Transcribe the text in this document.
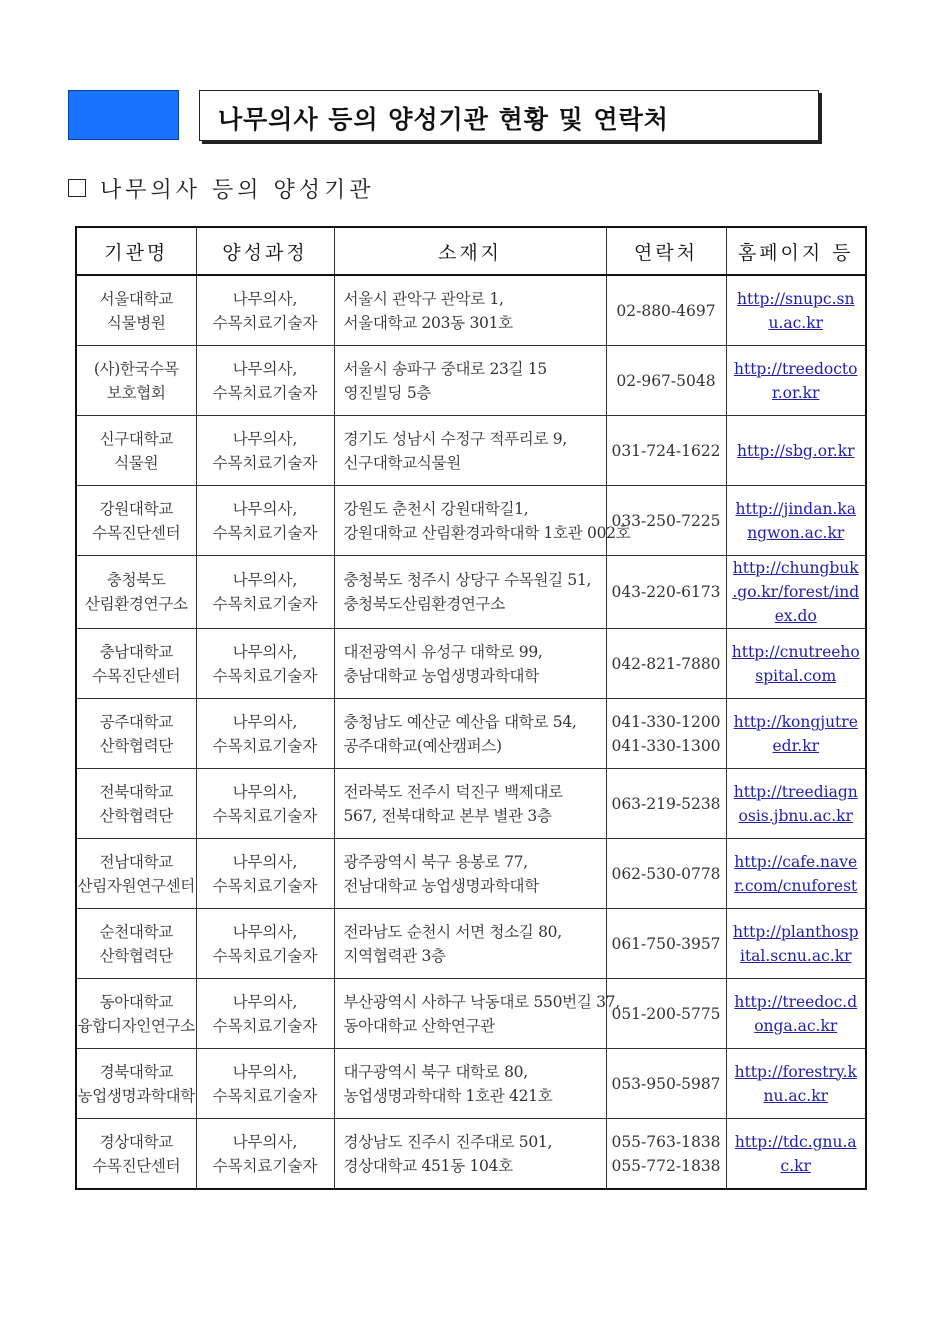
나무의사 등의 양성기관 현황 및 연락처
나무의사 등의 양성기관
기관명	양성과정	소재지	연락처	홈페이지 등

서울대학교
식물병원	나무의사,
수목치료기술자	서울시 관악구 관악로 1,
서울대학교 203동 301호	02-880-4697	http://snupc.sn
u.ac.kr

(사)한국수목
보호협회	나무의사,
수목치료기술자	서울시 송파구 중대로 23길 15
영진빌딩 5층	02-967-5048	http://treedocto
r.or.kr

신구대학교
식물원	나무의사,
수목치료기술자	경기도 성남시 수정구 적푸리로 9,
신구대학교식물원	031-724-1622	http://sbg.or.kr

강원대학교
수목진단센터	나무의사,
수목치료기술자	강원도 춘천시 강원대학길1,
강원대학교 산림환경과학대학 1호관 002호	033-250-7225	http://jindan.ka
ngwon.ac.kr

충청북도
산림환경연구소	나무의사,
수목치료기술자	충청북도 청주시 상당구 수목원길 51,
충청북도산림환경연구소	043-220-6173	http://chungbuk
.go.kr/forest/ind
ex.do

충남대학교
수목진단센터	나무의사,
수목치료기술자	대전광역시 유성구 대학로 99,
충남대학교 농업생명과학대학	042-821-7880	http://cnutreeho
spital.com

공주대학교
산학협력단	나무의사,
수목치료기술자	충청남도 예산군 예산읍 대학로 54,
공주대학교(예산캠퍼스)	041-330-1200
041-330-1300	http://kongjutre
edr.kr

전북대학교
산학협력단	나무의사,
수목치료기술자	전라북도 전주시 덕진구 백제대로
567, 전북대학교 본부 별관 3층	063-219-5238	http://treediagn
osis.jbnu.ac.kr

전남대학교
산림자원연구센터	나무의사,
수목치료기술자	광주광역시 북구 용봉로 77,
전남대학교 농업생명과학대학	062-530-0778	http://cafe.nave
r.com/cnuforest

순천대학교
산학협력단	나무의사,
수목치료기술자	전라남도 순천시 서면 청소길 80,
지역협력관 3층	061-750-3957	http://planthosp
ital.scnu.ac.kr

동아대학교
융합디자인연구소	나무의사,
수목치료기술자	부산광역시 사하구 낙동대로 550번길 37,
동아대학교 산학연구관	051-200-5775	http://treedoc.d
onga.ac.kr

경북대학교
농업생명과학대학	나무의사,
수목치료기술자	대구광역시 북구 대학로 80,
농업생명과학대학 1호관 421호	053-950-5987	http://forestry.k
nu.ac.kr

경상대학교
수목진단센터	나무의사,
수목치료기술자	경상남도 진주시 진주대로 501,
경상대학교 451동 104호	055-763-1838
055-772-1838	http://tdc.gnu.a
c.kr
